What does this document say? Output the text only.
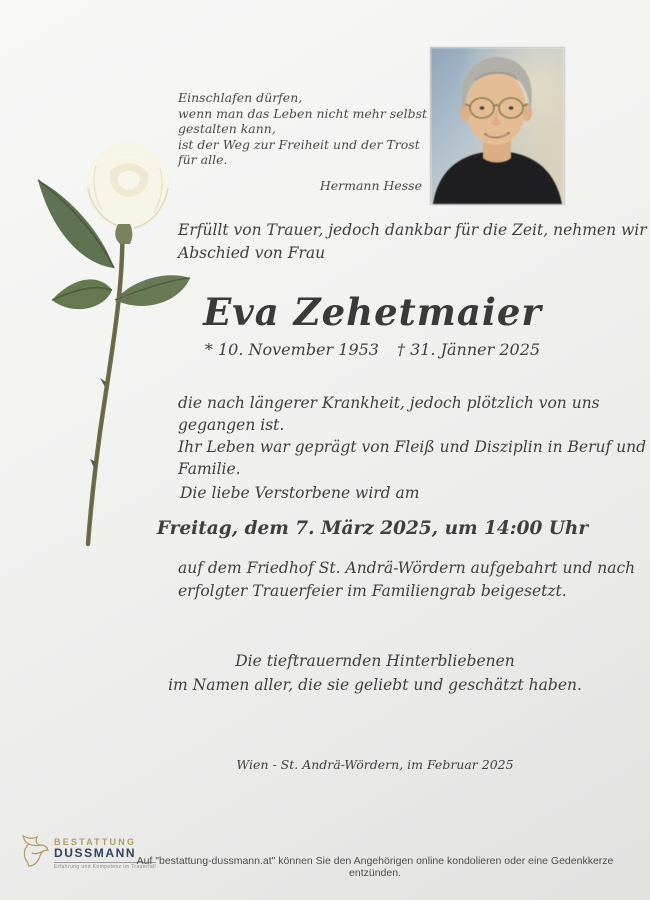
Einschlafen dürfen,
wenn man das Leben nicht mehr selbst gestalten kann,
ist der Weg zur Freiheit und der Trost für alle.
Hermann Hesse
Erfüllt von Trauer, jedoch dankbar für die Zeit, nehmen wir
Abschied von Frau
Eva Zehetmaier
* 10. November 1953 † 31. Jänner 2025
die nach längerer Krankheit, jedoch plötzlich von uns gegangen ist.
Ihr Leben war geprägt von Fleiß und Disziplin in Beruf und
Familie.
Die liebe Verstorbene wird am
Freitag, dem 7. März 2025, um 14:00 Uhr
auf dem Friedhof St. Andrä-Wördern aufgebahrt und nach
erfolgter Trauerfeier im Familiengrab beigesetzt.
Die tieftrauernden Hinterbliebenen
im Namen aller, die sie geliebt und geschätzt haben.
Wien - St. Andrä-Wördern, im Februar 2025
BESTATTUNG
DUSSMANN
Erfahrung und Kompetenz im Trauerfall
Auf "bestattung-dussmann.at" können Sie den Angehörigen online kondolieren oder eine Gedenkkerze entzünden.
